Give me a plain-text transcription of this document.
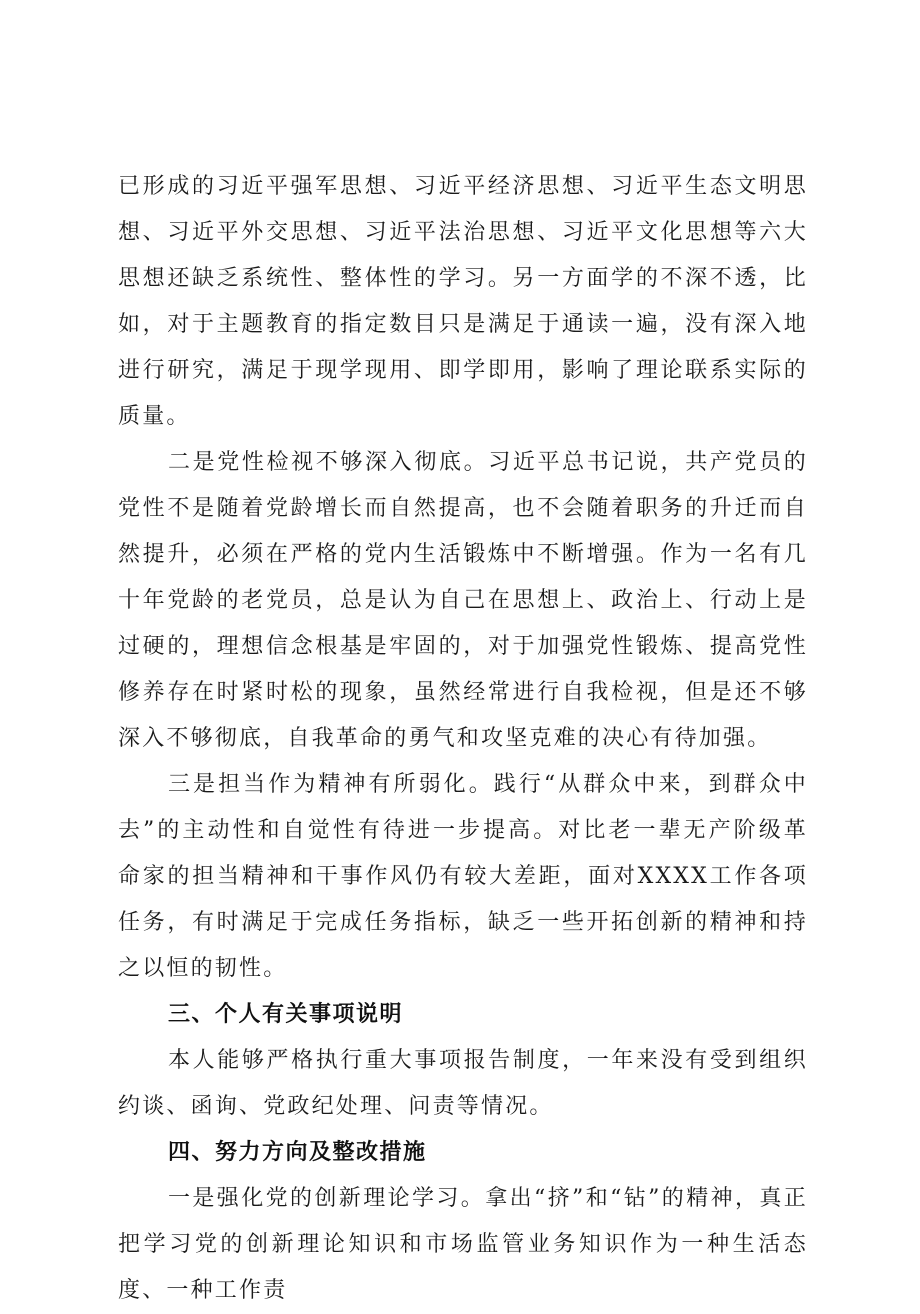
已形成的习近平强军思想、习近平经济思想、习近平生态文明思想、习近平外交思想、习近平法治思想、习近平文化思想等六大思想还缺乏系统性、整体性的学习。另一方面学的不深不透，比如，对于主题教育的指定数目只是满足于通读一遍，没有深入地进行研究，满足于现学现用、即学即用，影响了理论联系实际的质量。

二是党性检视不够深入彻底。习近平总书记说，共产党员的党性不是随着党龄增长而自然提高，也不会随着职务的升迁而自然提升，必须在严格的党内生活锻炼中不断增强。作为一名有几十年党龄的老党员，总是认为自己在思想上、政治上、行动上是过硬的，理想信念根基是牢固的，对于加强党性锻炼、提高党性修养存在时紧时松的现象，虽然经常进行自我检视，但是还不够深入不够彻底，自我革命的勇气和攻坚克难的决心有待加强。

三是担当作为精神有所弱化。践行“从群众中来，到群众中去”的主动性和自觉性有待进一步提高。对比老一辈无产阶级革命家的担当精神和干事作风仍有较大差距，面对XXXX工作各项任务，有时满足于完成任务指标，缺乏一些开拓创新的精神和持之以恒的韧性。

三、个人有关事项说明

本人能够严格执行重大事项报告制度，一年来没有受到组织约谈、函询、党政纪处理、问责等情况。

四、努力方向及整改措施

一是强化党的创新理论学习。拿出“挤”和“钻”的精神，真正把学习党的创新理论知识和市场监管业务知识作为一种生活态度、一种工作责
